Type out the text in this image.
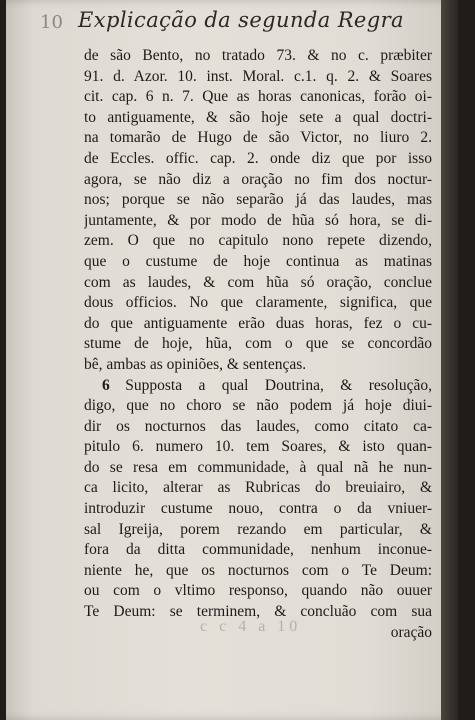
10 Explicação da segunda Regra
c c 4 a 10
de são Bento, no tratado 73. & no c. præbiter
91. d. Azor. 10. inst. Moral. c.1. q. 2. & Soares
cit. cap. 6 n. 7. Que as horas canonicas, forão oi-
to antiguamente, & são hoje sete a qual doctri-
na tomarão de Hugo de são Victor, no liuro 2.
de Eccles. offic. cap. 2. onde diz que por isso
agora, se não diz a oração no fim dos noctur-
nos; porque se não separão já das laudes, mas
juntamente, & por modo de hũa só hora, se di-
zem. O que no capitulo nono repete dizendo,
que o custume de hoje continua as matinas
com as laudes, & com hũa só oração, conclue
dous officios. No que claramente, significa, que
do que antiguamente erão duas horas, fez o cu-
stume de hoje, hũa, com o que se concordão
bê, ambas as opiniões, & sentenças.
6  Supposta a qual Doutrina, & resolução,
digo, que no choro se não podem já hoje diui-
dir os nocturnos das laudes, como citato ca-
pitulo 6. numero 10. tem Soares, & isto quan-
do se resa em communidade, à qual nã he nun-
ca licito, alterar as Rubricas do breuiairo, &
introduzir custume nouo, contra o da vniuer-
sal Igreija, porem rezando em particular, &
fora da ditta communidade, nenhum inconue-
niente he, que os nocturnos com o Te Deum:
ou com o vltimo responso, quando não ouuer
Te Deum: se terminem, & concluão com sua
oração
